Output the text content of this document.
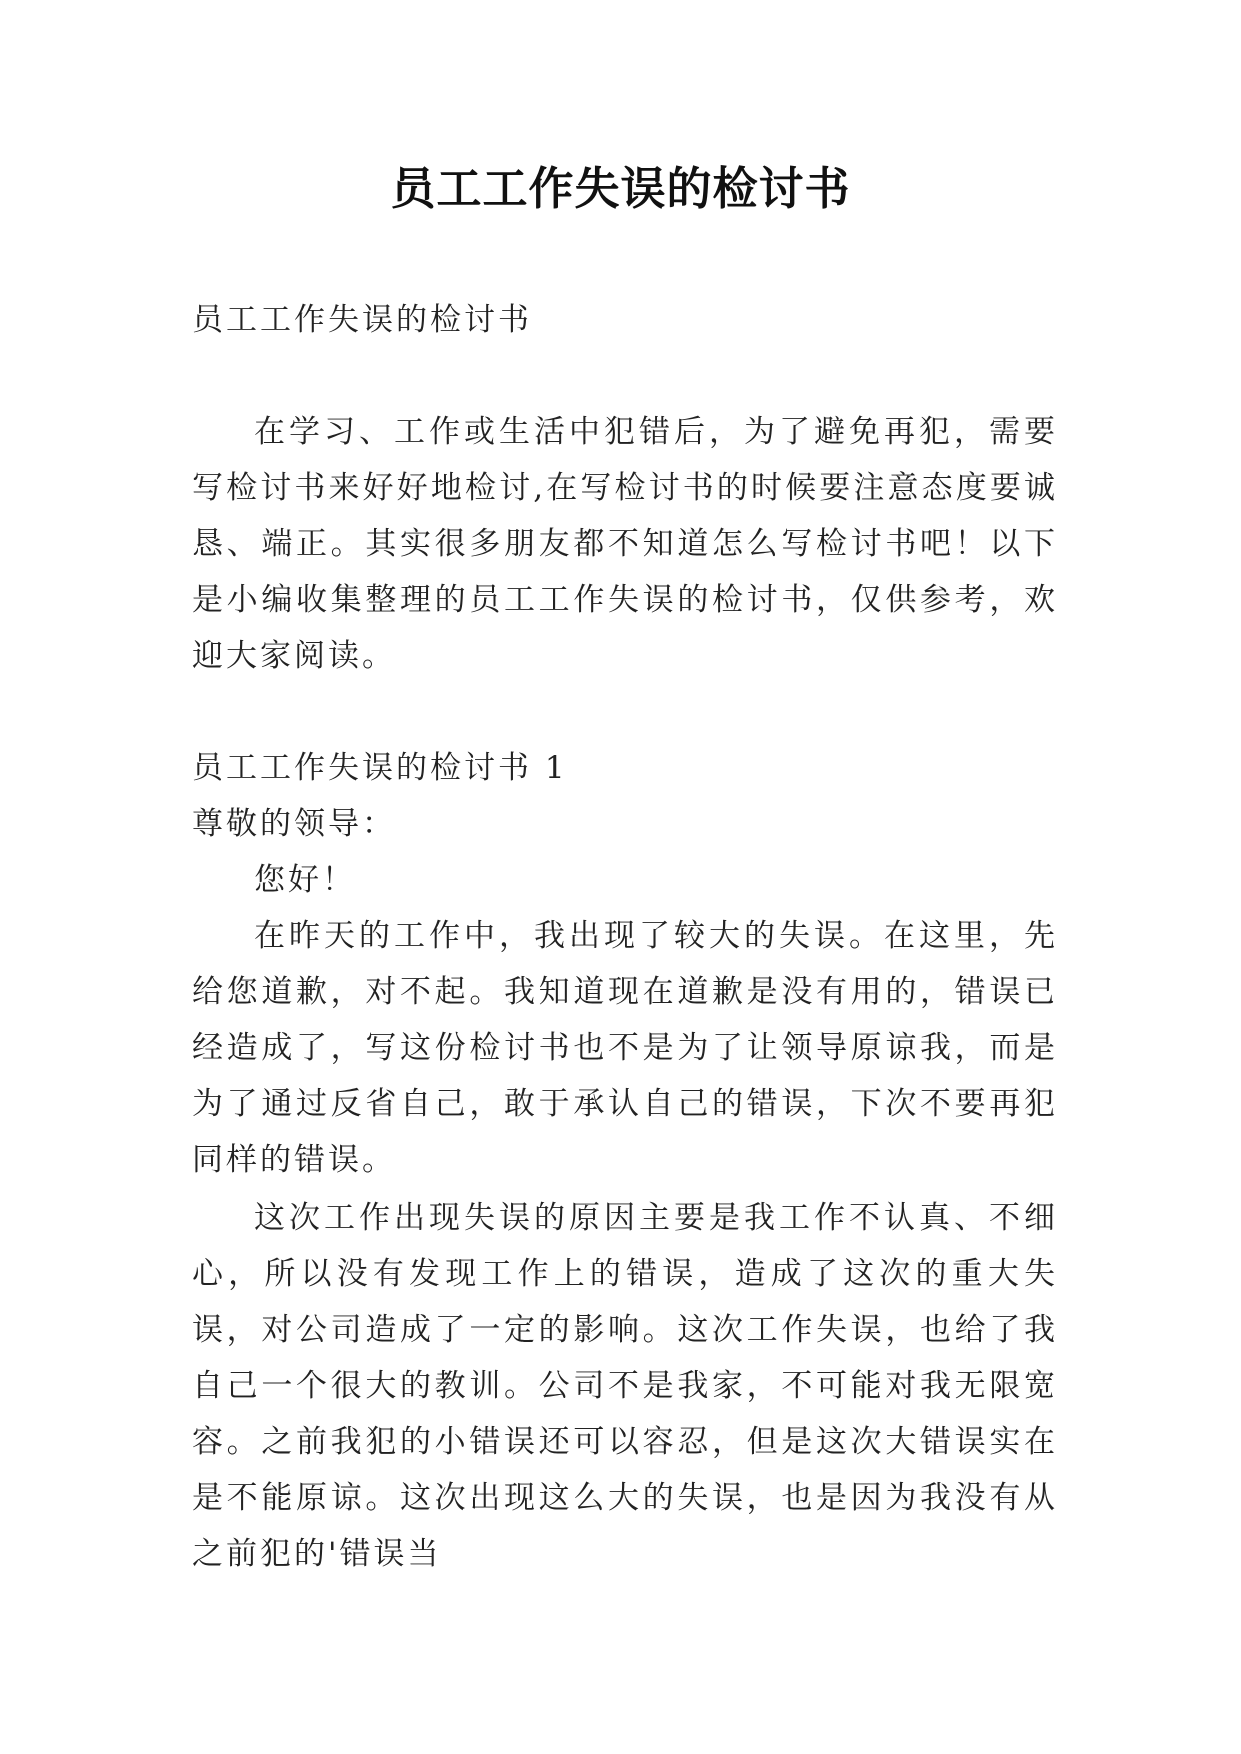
员工工作失误的检讨书

员工工作失误的检讨书

在学习、工作或生活中犯错后，为了避免再犯，需要写检讨书来好好地检讨,在写检讨书的时候要注意态度要诚恳、端正。其实很多朋友都不知道怎么写检讨书吧！以下是小编收集整理的员工工作失误的检讨书，仅供参考，欢迎大家阅读。

员工工作失误的检讨书 1

尊敬的领导：

您好！

在昨天的工作中，我出现了较大的失误。在这里，先给您道歉，对不起。我知道现在道歉是没有用的，错误已经造成了，写这份检讨书也不是为了让领导原谅我，而是为了通过反省自己，敢于承认自己的错误，下次不要再犯同样的错误。

这次工作出现失误的原因主要是我工作不认真、不细心，所以没有发现工作上的错误，造成了这次的重大失误，对公司造成了一定的影响。这次工作失误，也给了我自己一个很大的教训。公司不是我家，不可能对我无限宽容。之前我犯的小错误还可以容忍，但是这次大错误实在是不能原谅。这次出现这么大的失误，也是因为我没有从之前犯的'错误当
